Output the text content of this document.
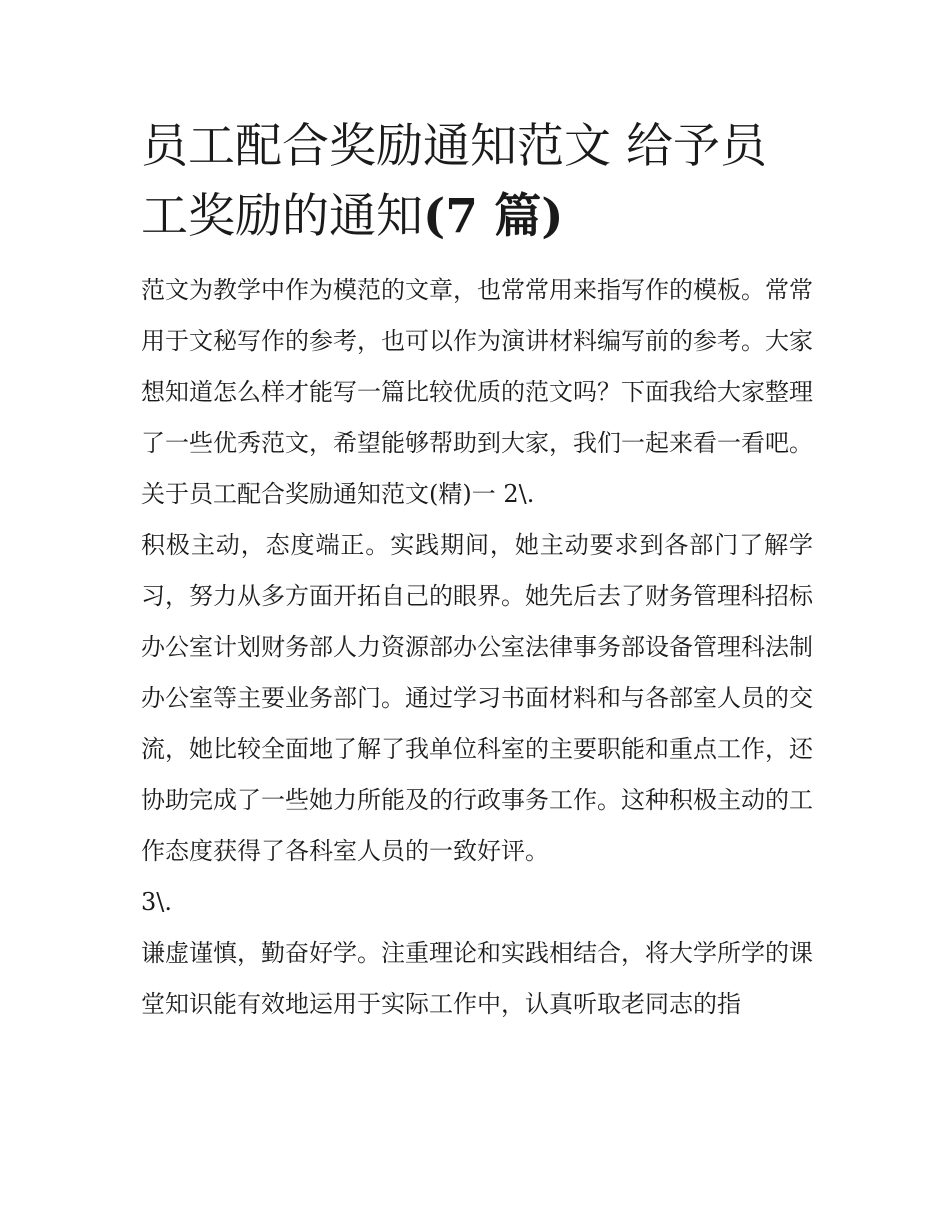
员工配合奖励通知范文 给予员工奖励的通知(7 篇)

范文为教学中作为模范的文章，也常常用来指写作的模板。常常用于文秘写作的参考，也可以作为演讲材料编写前的参考。大家想知道怎么样才能写一篇比较优质的范文吗？下面我给大家整理了一些优秀范文，希望能够帮助到大家，我们一起来看一看吧。

关于员工配合奖励通知范文(精)一 2\.

积极主动，态度端正。实践期间，她主动要求到各部门了解学习，努力从多方面开拓自己的眼界。她先后去了财务管理科招标办公室计划财务部人力资源部办公室法律事务部设备管理科法制办公室等主要业务部门。通过学习书面材料和与各部室人员的交流，她比较全面地了解了我单位科室的主要职能和重点工作，还协助完成了一些她力所能及的行政事务工作。这种积极主动的工作态度获得了各科室人员的一致好评。

3\.

谦虚谨慎，勤奋好学。注重理论和实践相结合，将大学所学的课堂知识能有效地运用于实际工作中，认真听取老同志的指
